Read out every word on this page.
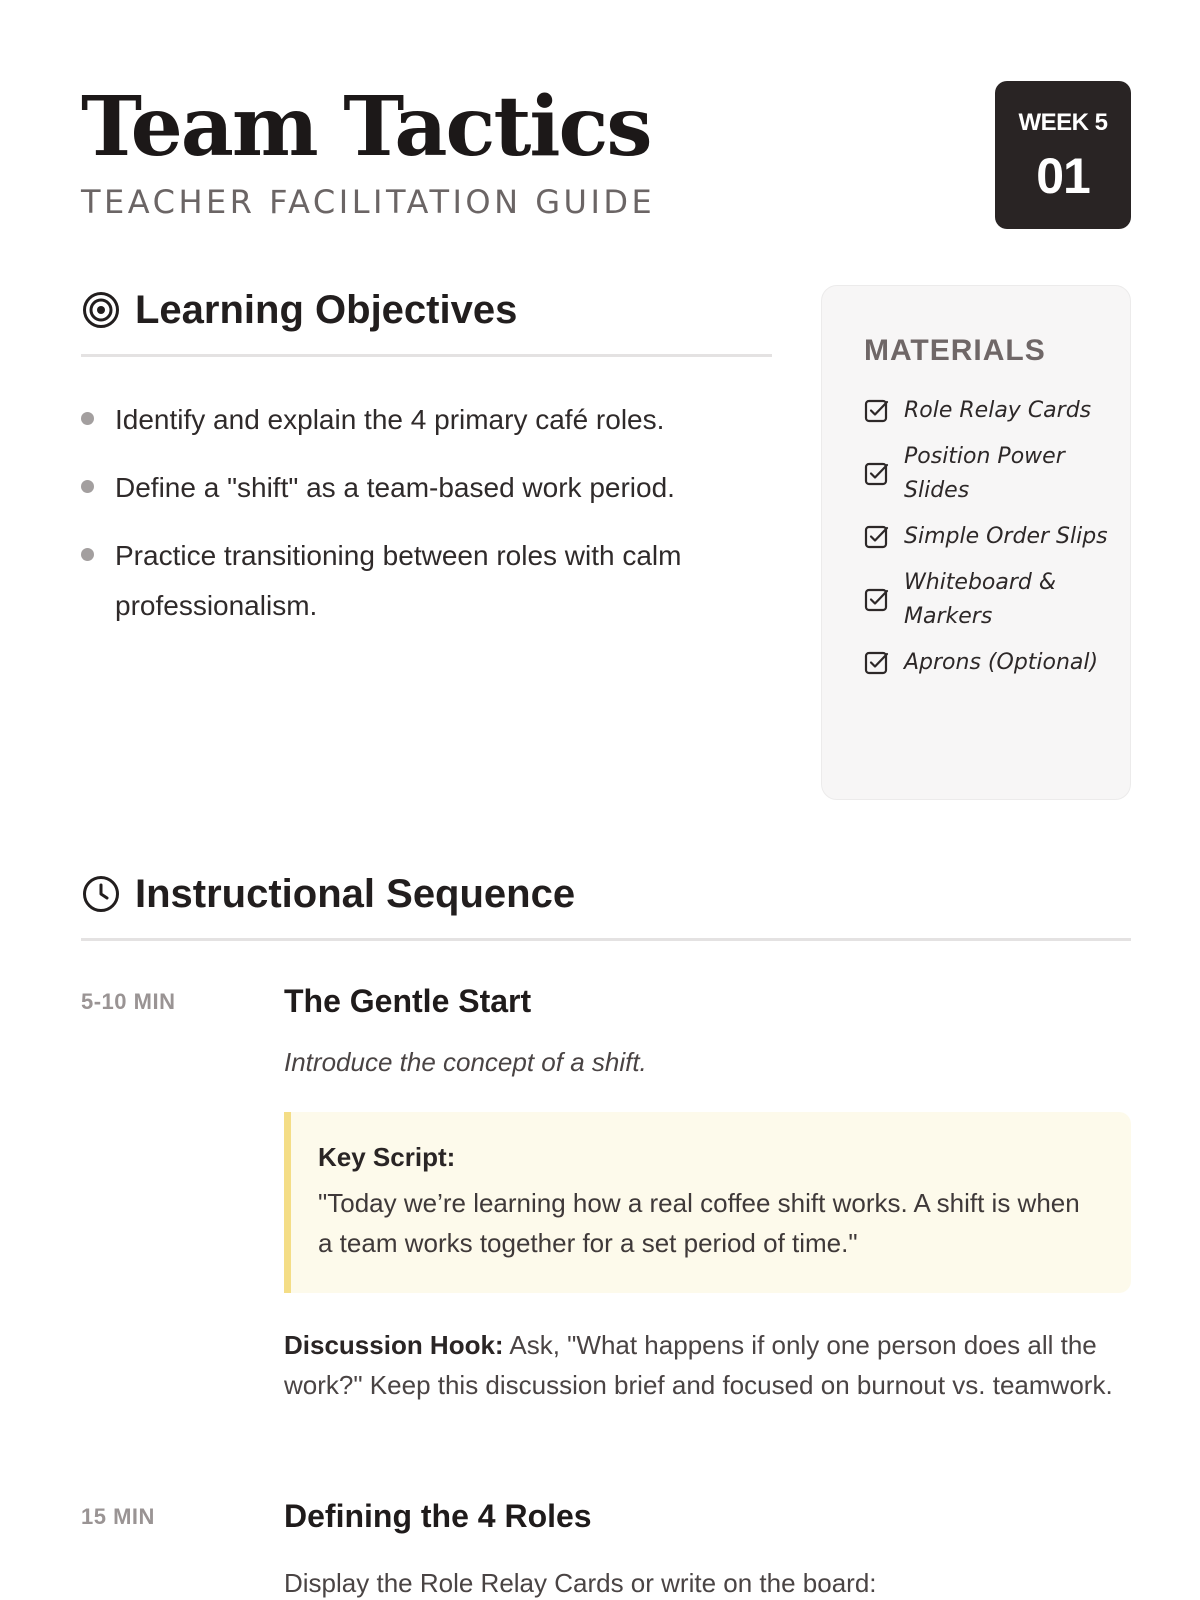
Team Tactics
TEACHER FACILITATION GUIDE
WEEK 5
01
Learning Objectives
Identify and explain the 4 primary café roles.
Define a "shift" as a team-based work period.
Practice transitioning between roles with calm professionalism.
MATERIALS
Role Relay Cards
Position Power Slides
Simple Order Slips
Whiteboard & Markers
Aprons (Optional)
Instructional Sequence
5-10 MIN	The Gentle Start
Introduce the concept of a shift.
Key Script:
"Today we’re learning how a real coffee shift works. A shift is when a team works together for a set period of time."
Discussion Hook: Ask, "What happens if only one person does all the work?" Keep this discussion brief and focused on burnout vs. teamwork.
15 MIN	Defining the 4 Roles
Display the Role Relay Cards or write on the board:
